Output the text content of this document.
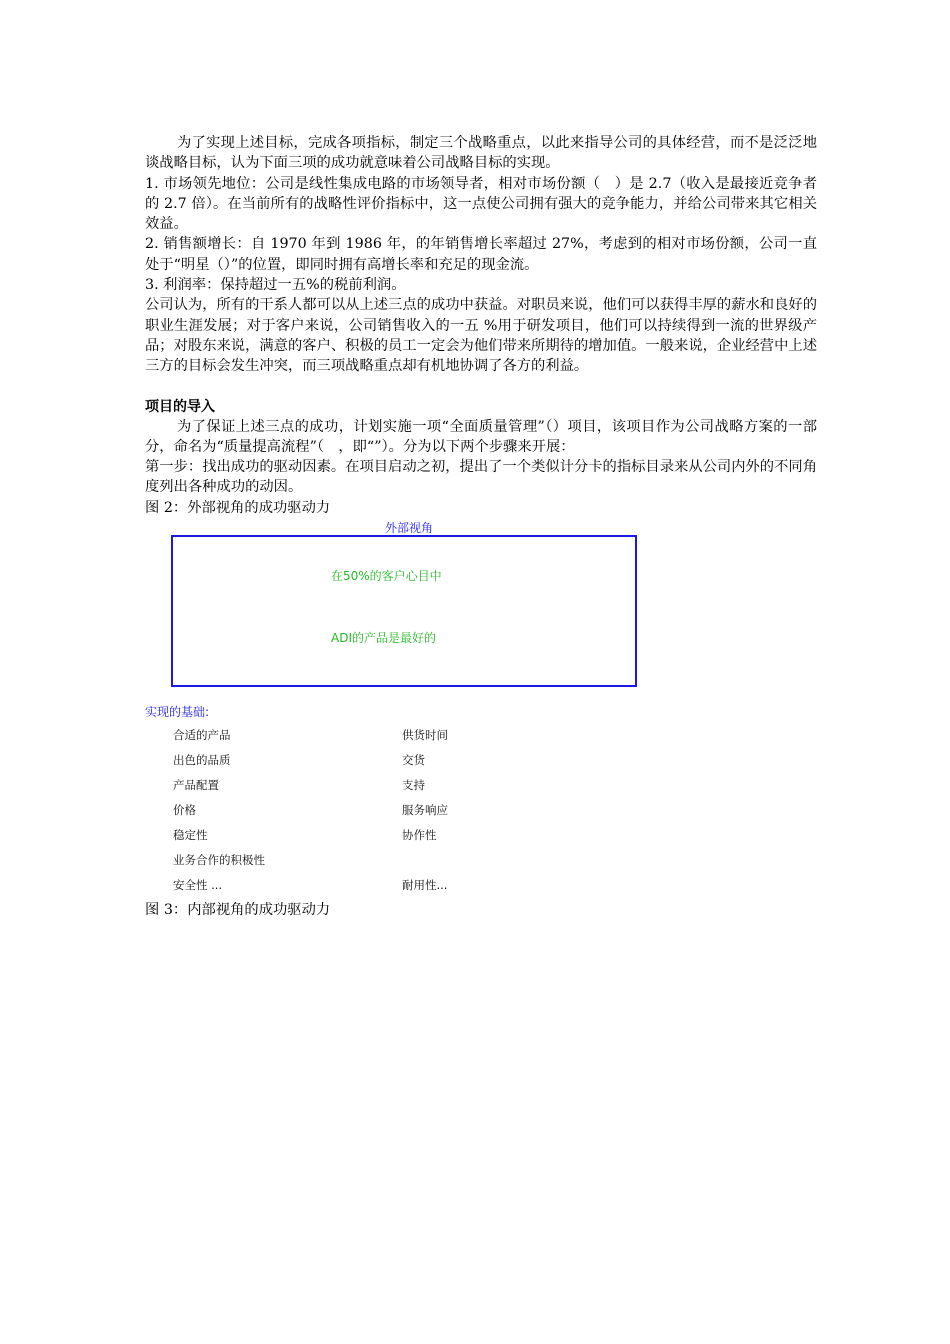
为了实现上述目标，完成各项指标，制定三个战略重点，以此来指导公司的具体经营，而不是泛泛地谈战略目标，认为下面三项的成功就意味着公司战略目标的实现。

1. 市场领先地位：公司是线性集成电路的市场领导者，相对市场份额（　）是 2.7（收入是最接近竞争者的 2.7 倍）。在当前所有的战略性评价指标中，这一点使公司拥有强大的竞争能力，并给公司带来其它相关效益。

2. 销售额增长：自 1970 年到 1986 年，的年销售增长率超过 27%，考虑到的相对市场份额，公司一直处于“明星（）”的位置，即同时拥有高增长率和充足的现金流。

3. 利润率：保持超过一五%的税前利润。

公司认为，所有的干系人都可以从上述三点的成功中获益。对职员来说，他们可以获得丰厚的薪水和良好的职业生涯发展；对于客户来说，公司销售收入的一五 %用于研发项目，他们可以持续得到一流的世界级产品；对股东来说，满意的客户、积极的员工一定会为他们带来所期待的增加值。一般来说，企业经营中上述三方的目标会发生冲突，而三项战略重点却有机地协调了各方的利益。

项目的导入

为了保证上述三点的成功，计划实施一项“全面质量管理”（）项目，该项目作为公司战略方案的一部分，命名为“质量提高流程”（　，即“”）。分为以下两个步骤来开展：

第一步：找出成功的驱动因素。在项目启动之初，提出了一个类似计分卡的指标目录来从公司内外的不同角度列出各种成功的动因。

图 2：外部视角的成功驱动力

外部视角
在50%的客户心目中
ADI的产品是最好的
实现的基础:
合适的产品	供货时间
出色的品质	交货
产品配置	支持
价格	服务响应
稳定性	协作性
业务合作的积极性
安全性 ...	耐用性...

图 3：内部视角的成功驱动力
